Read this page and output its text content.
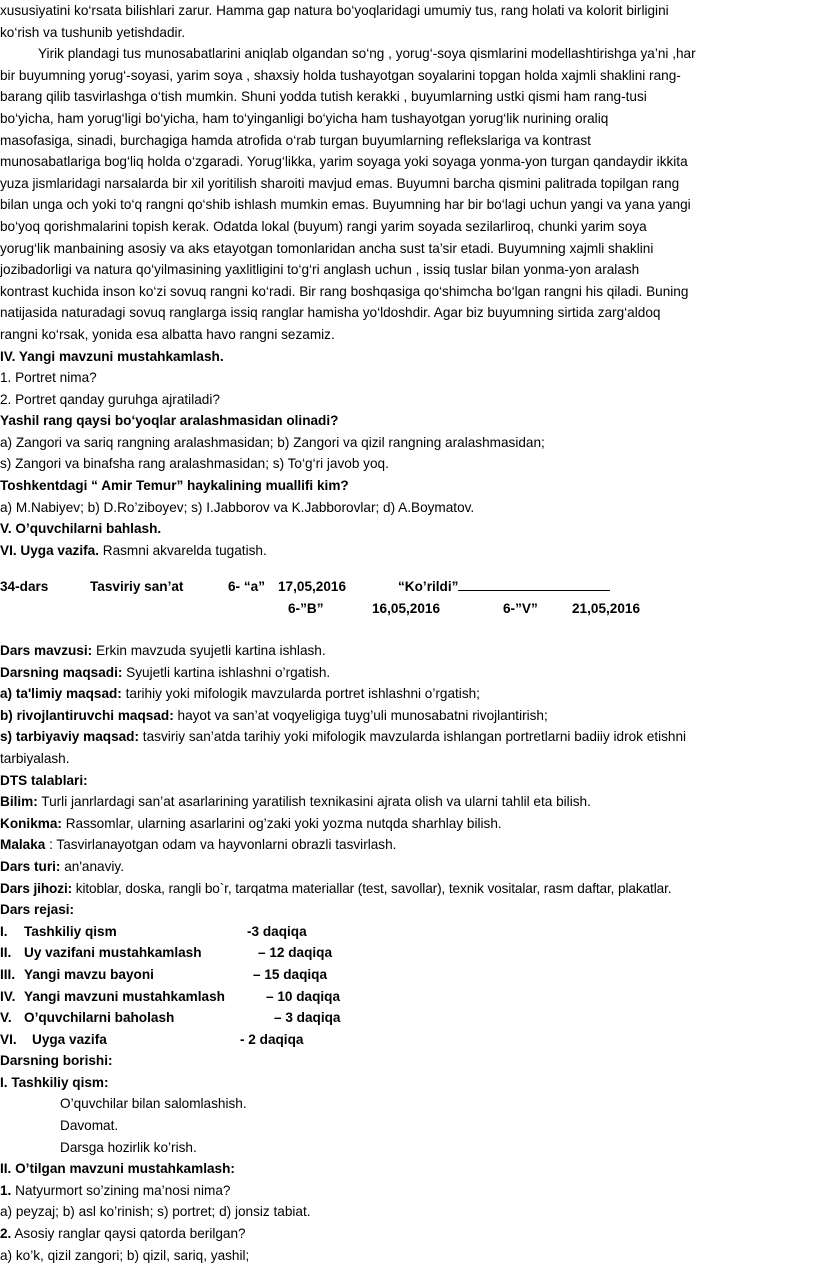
xususiyatini ko‘rsata bilishlari zarur. Hamma gap natura bo‘yoqlaridagi umumiy tus, rang holati va kolorit birligini
ko‘rish va tushunib yetishdadir.
Yirik plandagi tus munosabatlarini aniqlab olgandan so‘ng , yorug‘-soya qismlarini modellashtirishga ya’ni ,har
bir buyumning yorug‘-soyasi, yarim soya , shaxsiy holda tushayotgan soyalarini topgan holda xajmli shaklini rang-
barang qilib tasvirlashga o‘tish mumkin. Shuni yodda tutish kerakki , buyumlarning ustki qismi ham rang-tusi
bo‘yicha, ham yorug‘ligi bo‘yicha, ham to‘yinganligi bo‘yicha ham tushayotgan yorug‘lik nurining oraliq
masofasiga, sinadi, burchagiga hamda atrofida o‘rab turgan buyumlarning reflekslariga va kontrast
munosabatlariga bog‘liq holda o‘zgaradi. Yorug‘likka, yarim soyaga yoki soyaga yonma-yon turgan qandaydir ikkita
yuza jismlaridagi narsalarda bir xil yoritilish sharoiti mavjud emas. Buyumni barcha qismini palitrada topilgan rang
bilan unga och yoki to‘q rangni qo‘shib ishlash mumkin emas. Buyumning har bir bo‘lagi uchun yangi va yana yangi
bo‘yoq qorishmalarini topish kerak. Odatda lokal (buyum) rangi yarim soyada sezilarliroq, chunki yarim soya
yorug‘lik manbaining asosiy va aks etayotgan tomonlaridan ancha sust ta’sir etadi. Buyumning xajmli shaklini
jozibadorligi va natura qo‘yilmasining yaxlitligini to‘g‘ri anglash uchun , issiq tuslar bilan yonma-yon aralash
kontrast kuchida inson ko‘zi sovuq rangni ko‘radi. Bir rang boshqasiga qo‘shimcha bo‘lgan rangni his qiladi. Buning
natijasida naturadagi sovuq ranglarga issiq ranglar hamisha yo‘ldoshdir. Agar biz buyumning sirtida zarg‘aldoq
rangni ko‘rsak, yonida esa albatta havo rangni sezamiz.
IV. Yangi mavzuni mustahkamlash.
1. Portret nima?
2. Portret qanday guruhga ajratiladi?
Yashil rang qaysi bo‘yoqlar aralashmasidan olinadi?
a) Zangori va sariq rangning aralashmasidan; b) Zangori va qizil rangning aralashmasidan;
s) Zangori va binafsha rang aralashmasidan; s) To‘g‘ri javob yoq.
Toshkentdagi “ Amir Temur” haykalining muallifi kim?
a) M.Nabiyev; b) D.Ro’ziboyev; s) I.Jabborov va K.Jabborovlar; d) A.Boymatov.
V. O’quvchilarni bahlash.
VI. Uyga vazifa. Rasmni akvarelda tugatish.
34-dars	Tasviriy san’at	6- “a” 17,05,2016	“Ko’rildi”
6-”B”	16,05,2016	6-”V”	21,05,2016
Dars mavzusi: Erkin mavzuda syujetli kartina ishlash.
Darsning maqsadi: Syujetli kartina ishlashni o’rgatish.
a) ta'limiy maqsad: tarihiy yoki mifologik mavzularda portret ishlashni o’rgatish;
b) rivojlantiruvchi maqsad: hayot va san’at voqyeligiga tuyg’uli munosabatni rivojlantirish;
s) tarbiyaviy maqsad: tasviriy san’atda tarihiy yoki mifologik mavzularda ishlangan portretlarni badiiy idrok etishni
tarbiyalash.
DTS talablari:
Bilim: Turli janrlardagi san’at asarlarining yaratilish texnikasini ajrata olish va ularni tahlil eta bilish.
Konikma: Rassomlar, ularning asarlarini og’zaki yoki yozma nutqda sharhlay bilish.
Malaka : Tasvirlanayotgan odam va hayvonlarni obrazli tasvirlash.
Dars turi: an'anaviy.
Dars jihozi: kitoblar, doska, rangli bo`r, tarqatma materiallar (test, savollar), texnik vositalar, rasm daftar, plakatlar.
Dars rejasi:
I. Tashkiliy qism	-3 daqiqa
II. Uy vazifani mustahkamlash	– 12 daqiqa
III. Yangi mavzu bayoni	– 15 daqiqa
IV. Yangi mavzuni mustahkamlash	– 10 daqiqa
V. O’quvchilarni baholash	– 3 daqiqa
VI. Uyga vazifa	- 2 daqiqa
Darsning borishi:
I. Tashkiliy qism:
O’quvchilar bilan salomlashish.
Davomat.
Darsga hozirlik ko’rish.
II. O’tilgan mavzuni mustahkamlash:
1. Natyurmort so’zining ma’nosi nima?
a) peyzaj; b) asl ko’rinish; s) portret; d) jonsiz tabiat.
2. Asosiy ranglar qaysi qatorda berilgan?
a) ko’k, qizil zangori; b) qizil, sariq, yashil;
